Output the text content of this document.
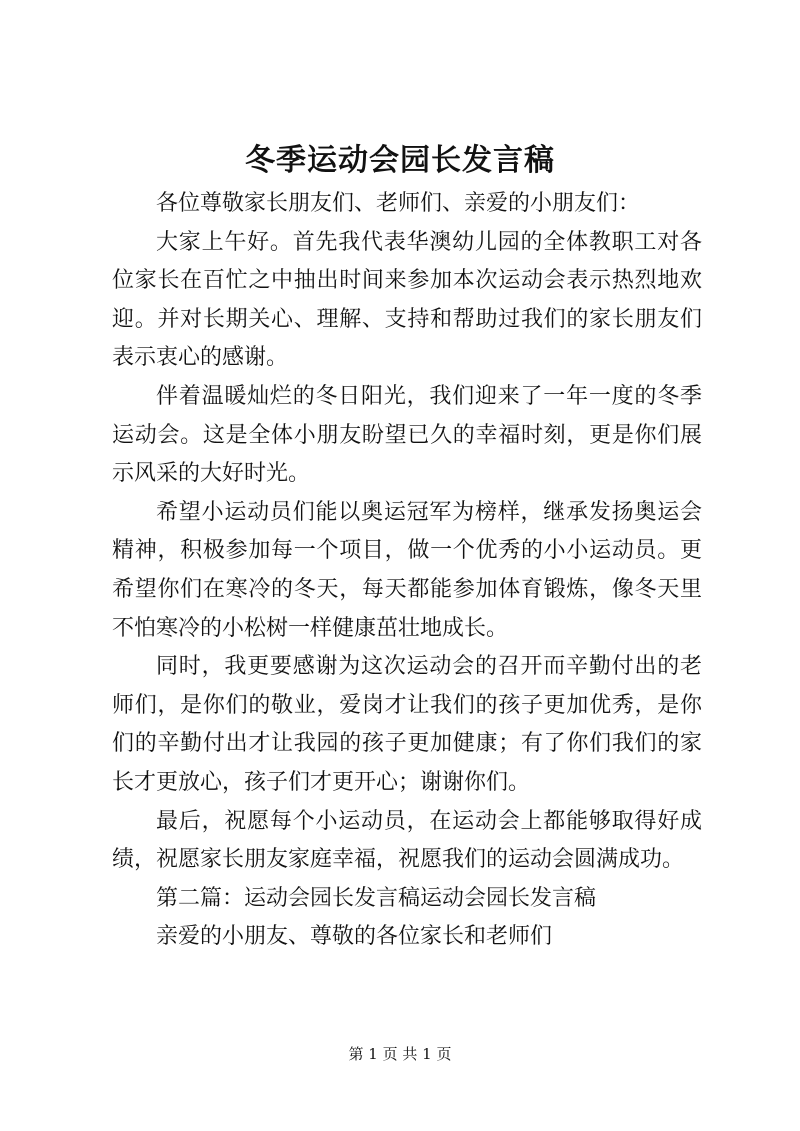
冬季运动会园长发言稿

各位尊敬家长朋友们、老师们、亲爱的小朋友们：

大家上午好。首先我代表华澳幼儿园的全体教职工对各位家长在百忙之中抽出时间来参加本次运动会表示热烈地欢迎。并对长期关心、理解、支持和帮助过我们的家长朋友们表示衷心的感谢。

伴着温暖灿烂的冬日阳光，我们迎来了一年一度的冬季运动会。这是全体小朋友盼望已久的幸福时刻，更是你们展示风采的大好时光。

希望小运动员们能以奥运冠军为榜样，继承发扬奥运会精神，积极参加每一个项目，做一个优秀的小小运动员。更希望你们在寒冷的冬天，每天都能参加体育锻炼，像冬天里不怕寒冷的小松树一样健康茁壮地成长。

同时，我更要感谢为这次运动会的召开而辛勤付出的老师们，是你们的敬业，爱岗才让我们的孩子更加优秀，是你们的辛勤付出才让我园的孩子更加健康；有了你们我们的家长才更放心，孩子们才更开心；谢谢你们。

最后，祝愿每个小运动员，在运动会上都能够取得好成绩，祝愿家长朋友家庭幸福，祝愿我们的运动会圆满成功。

第二篇：运动会园长发言稿运动会园长发言稿

亲爱的小朋友、尊敬的各位家长和老师们

第 1 页 共 1 页
